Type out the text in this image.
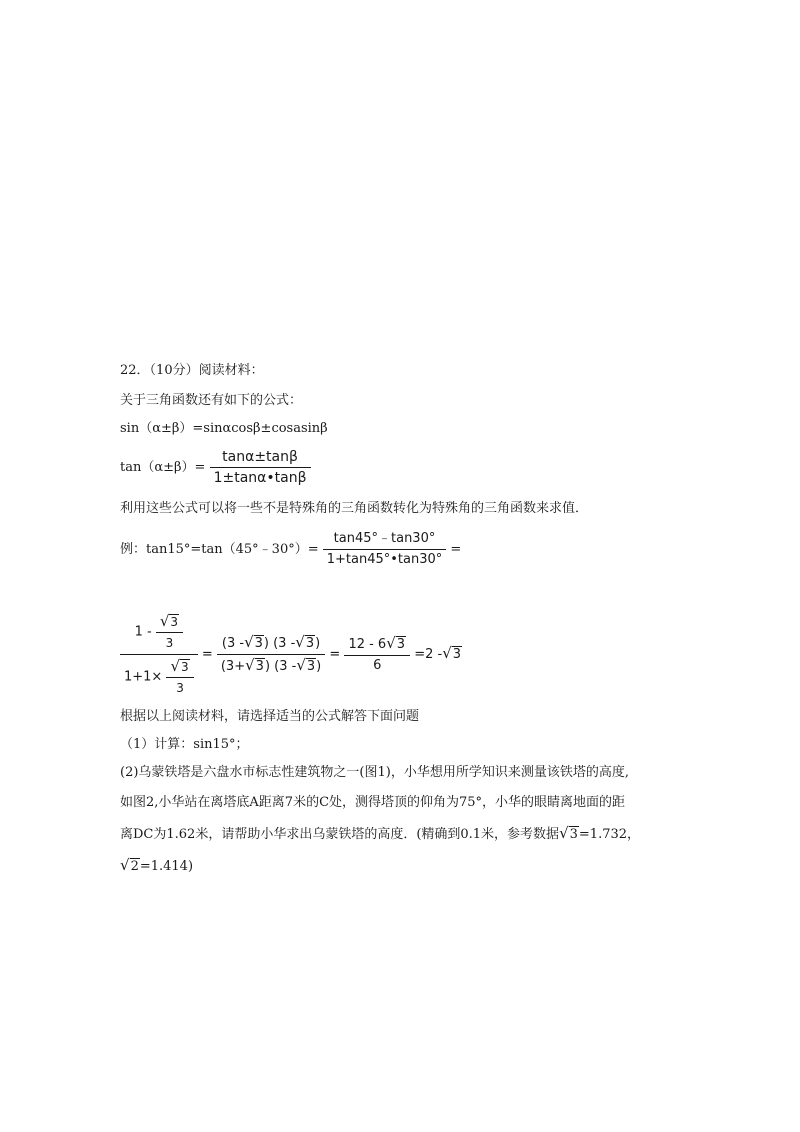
22．（10分）阅读材料：
关于三角函数还有如下的公式：
sin（α±β）=sinαcosβ±cosasinβ
$\tan(\alpha\pm\beta)= \frac{\tan\alpha\pm\tan\beta}{1\pm\tan\alpha•\tan\beta}$
利用这些公式可以将一些不是特殊角的三角函数转化为特殊角的三角函数来求值．
例：tan15°=tan（45°﹣30°）= $\frac{\tan 45^\circ﹣\tan 30^\circ}{1+\tan 45^\circ•\tan 30^\circ}$ =
$\frac{1 - \frac{√3}{3}}{1+1\times \frac{√3}{3}} = \frac{(3 -√3) (3 -√3)}{(3+√3) (3 -√3)} = \frac{12 - 6√3}{6} =2$ -√3
根据以上阅读材料，请选择适当的公式解答下面问题
（1）计算：sin15°；
(2)乌蒙铁塔是六盘水市标志性建筑物之一(图1)，小华想用所学知识来测量该铁塔的高度,
如图2,小华站在离塔底A距离7米的C处，测得塔顶的仰角为75°，小华的眼睛离地面的距
离DC为1.62米，请帮助小华求出乌蒙铁塔的高度．(精确到0.1米，参考数据√3=1.732，
√2=1.414)
